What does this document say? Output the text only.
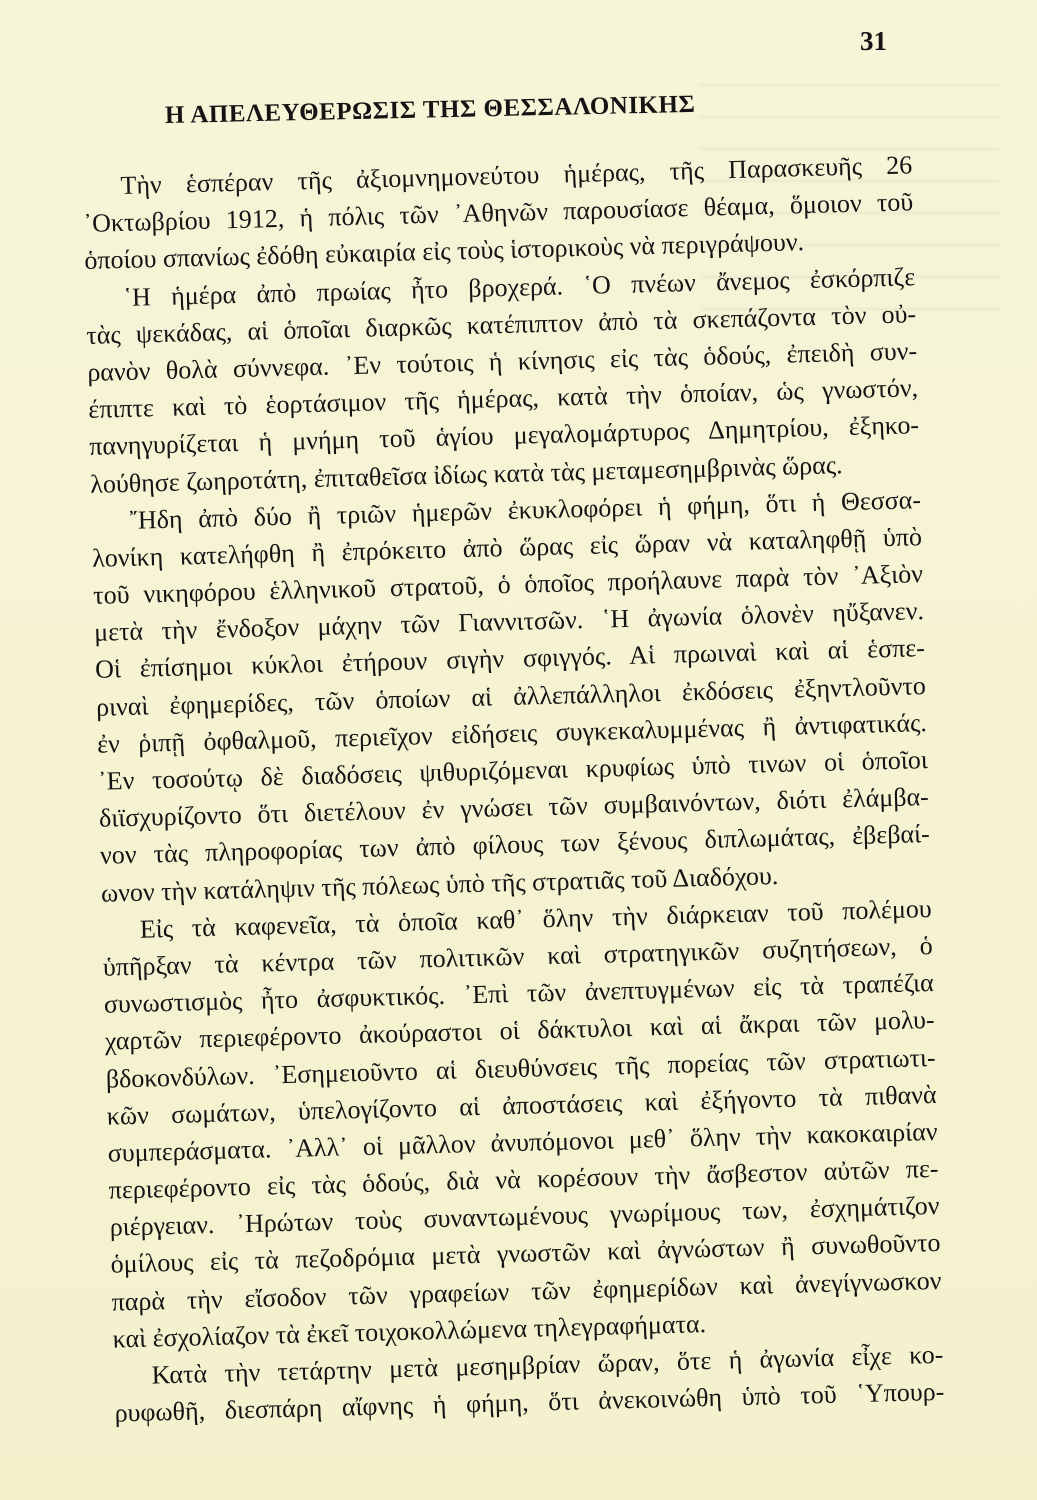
31
Η ΑΠΕΛΕΥΘΕΡΩΣΙΣ ΤΗΣ ΘΕΣΣΑΛΟΝΙΚΗΣ
Τὴν ἑσπέραν τῆς ἀξιομνημονεύτου ἡμέρας, τῆς Παρασκευῆς 26
᾿Οκτωβρίου 1912, ἡ πόλις τῶν ᾿Αθηνῶν παρουσίασε θέαμα, ὅμοιον τοῦ
ὁποίου σπανίως ἐδόθη εὐκαιρία εἰς τοὺς ἱστορικοὺς νὰ περιγράψουν.
῾Η ἡμέρα ἀπὸ πρωίας ἦτο βροχερά. ῾Ο πνέων ἄνεμος ἐσκόρπιζε
τὰς ψεκάδας, αἱ ὁποῖαι διαρκῶς κατέπιπτον ἀπὸ τὰ σκεπάζοντα τὸν οὐ-
ρανὸν θολὰ σύννεφα. ᾿Εν τούτοις ἡ κίνησις εἰς τὰς ὁδούς, ἐπειδὴ συν-
έπιπτε καὶ τὸ ἑορτάσιμον τῆς ἡμέρας, κατὰ τὴν ὁποίαν, ὡς γνωστόν,
πανηγυρίζεται ἡ μνήμη τοῦ ἁγίου μεγαλομάρτυρος Δημητρίου, ἐξηκο-
λούθησε ζωηροτάτη, ἐπιταθεῖσα ἰδίως κατὰ τὰς μεταμεσημβρινὰς ὥρας.
῎Ηδη ἀπὸ δύο ἢ τριῶν ἡμερῶν ἐκυκλοφόρει ἡ φήμη, ὅτι ἡ Θεσσα-
λονίκη κατελήφθη ἢ ἐπρόκειτο ἀπὸ ὥρας εἰς ὥραν νὰ καταληφθῇ ὑπὸ
τοῦ νικηφόρου ἑλληνικοῦ στρατοῦ, ὁ ὁποῖος προήλαυνε παρὰ τὸν ᾿Αξιὸν
μετὰ τὴν ἔνδοξον μάχην τῶν Γιαννιτσῶν. ῾Η ἀγωνία ὁλονὲν ηὔξανεν.
Οἱ ἐπίσημοι κύκλοι ἐτήρουν σιγὴν σφιγγός. Αἱ πρωιναὶ καὶ αἱ ἑσπε-
ριναὶ ἐφημερίδες, τῶν ὁποίων αἱ ἀλλεπάλληλοι ἐκδόσεις ἐξηντλοῦντο
ἐν ῥιπῇ ὀφθαλμοῦ, περιεῖχον εἰδήσεις συγκεκαλυμμένας ἢ ἀντιφατικάς.
᾿Εν τοσούτῳ δὲ διαδόσεις ψιθυριζόμεναι κρυφίως ὑπὸ τινων οἱ ὁποῖοι
διϊσχυρίζοντο ὅτι διετέλουν ἐν γνώσει τῶν συμβαινόντων, διότι ἐλάμβα-
νον τὰς πληροφορίας των ἀπὸ φίλους των ξένους διπλωμάτας, ἐβεβαί-
ωνον τὴν κατάληψιν τῆς πόλεως ὑπὸ τῆς στρατιᾶς τοῦ Διαδόχου.
Εἰς τὰ καφενεῖα, τὰ ὁποῖα καθ᾿ ὅλην τὴν διάρκειαν τοῦ πολέμου
ὑπῆρξαν τὰ κέντρα τῶν πολιτικῶν καὶ στρατηγικῶν συζητήσεων, ὁ
συνωστισμὸς ἦτο ἀσφυκτικός. ᾿Επὶ τῶν ἀνεπτυγμένων εἰς τὰ τραπέζια
χαρτῶν περιεφέροντο ἀκούραστοι οἱ δάκτυλοι καὶ αἱ ἄκραι τῶν μολυ-
βδοκονδύλων. ᾿Εσημειοῦντο αἱ διευθύνσεις τῆς πορείας τῶν στρατιωτι-
κῶν σωμάτων, ὑπελογίζοντο αἱ ἀποστάσεις καὶ ἐξήγοντο τὰ πιθανὰ
συμπεράσματα. ᾿Αλλ᾿ οἱ μᾶλλον ἀνυπόμονοι μεθ᾿ ὅλην τὴν κακοκαιρίαν
περιεφέροντο εἰς τὰς ὁδούς, διὰ νὰ κορέσουν τὴν ἄσβεστον αὐτῶν πε-
ριέργειαν. ᾿Ηρώτων τοὺς συναντωμένους γνωρίμους των, ἐσχημάτιζον
ὁμίλους εἰς τὰ πεζοδρόμια μετὰ γνωστῶν καὶ ἀγνώστων ἢ συνωθοῦντο
παρὰ τὴν εἴσοδον τῶν γραφείων τῶν ἐφημερίδων καὶ ἀνεγίγνωσκον
καὶ ἐσχολίαζον τὰ ἐκεῖ τοιχοκολλώμενα τηλεγραφήματα.
Κατὰ τὴν τετάρτην μετὰ μεσημβρίαν ὥραν, ὅτε ἡ ἀγωνία εἶχε κο-
ρυφωθῆ, διεσπάρη αἴφνης ἡ φήμη, ὅτι ἀνεκοινώθη ὑπὸ τοῦ ῾Υπουρ-
